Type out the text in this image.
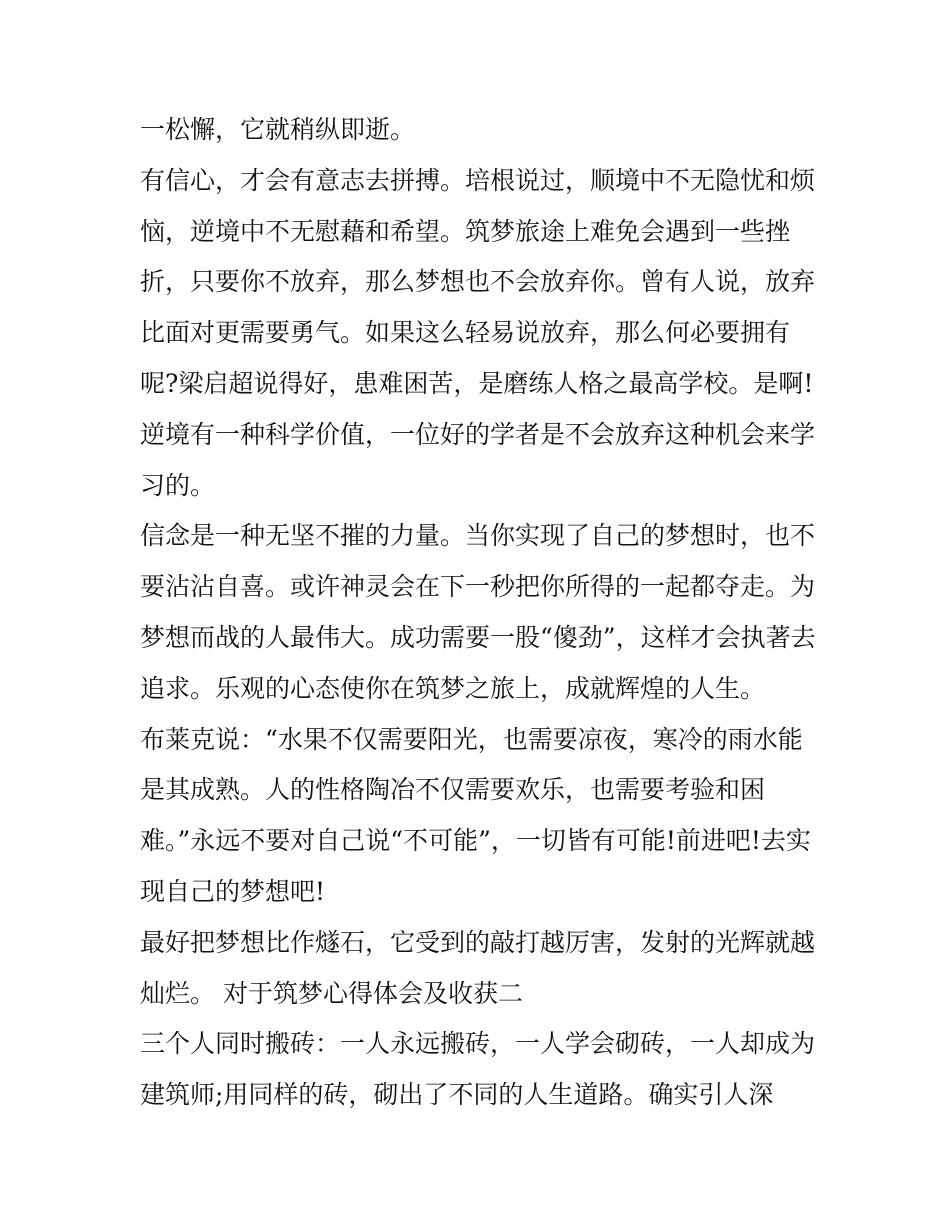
一松懈，它就稍纵即逝。
有信心，才会有意志去拼搏。培根说过，顺境中不无隐忧和烦
恼，逆境中不无慰藉和希望。筑梦旅途上难免会遇到一些挫
折，只要你不放弃，那么梦想也不会放弃你。曾有人说，放弃
比面对更需要勇气。如果这么轻易说放弃，那么何必要拥有
呢?梁启超说得好，患难困苦，是磨练人格之最高学校。是啊!
逆境有一种科学价值，一位好的学者是不会放弃这种机会来学
习的。
信念是一种无坚不摧的力量。当你实现了自己的梦想时，也不
要沾沾自喜。或许神灵会在下一秒把你所得的一起都夺走。为
梦想而战的人最伟大。成功需要一股“傻劲”，这样才会执著去
追求。乐观的心态使你在筑梦之旅上，成就辉煌的人生。
布莱克说：“水果不仅需要阳光，也需要凉夜，寒冷的雨水能
是其成熟。人的性格陶冶不仅需要欢乐，也需要考验和困
难。”永远不要对自己说“不可能”，一切皆有可能!前进吧!去实
现自己的梦想吧!
最好把梦想比作燧石，它受到的敲打越厉害，发射的光辉就越
灿烂。 对于筑梦心得体会及收获二
三个人同时搬砖：一人永远搬砖，一人学会砌砖，一人却成为
建筑师;用同样的砖，砌出了不同的人生道路。确实引人深
